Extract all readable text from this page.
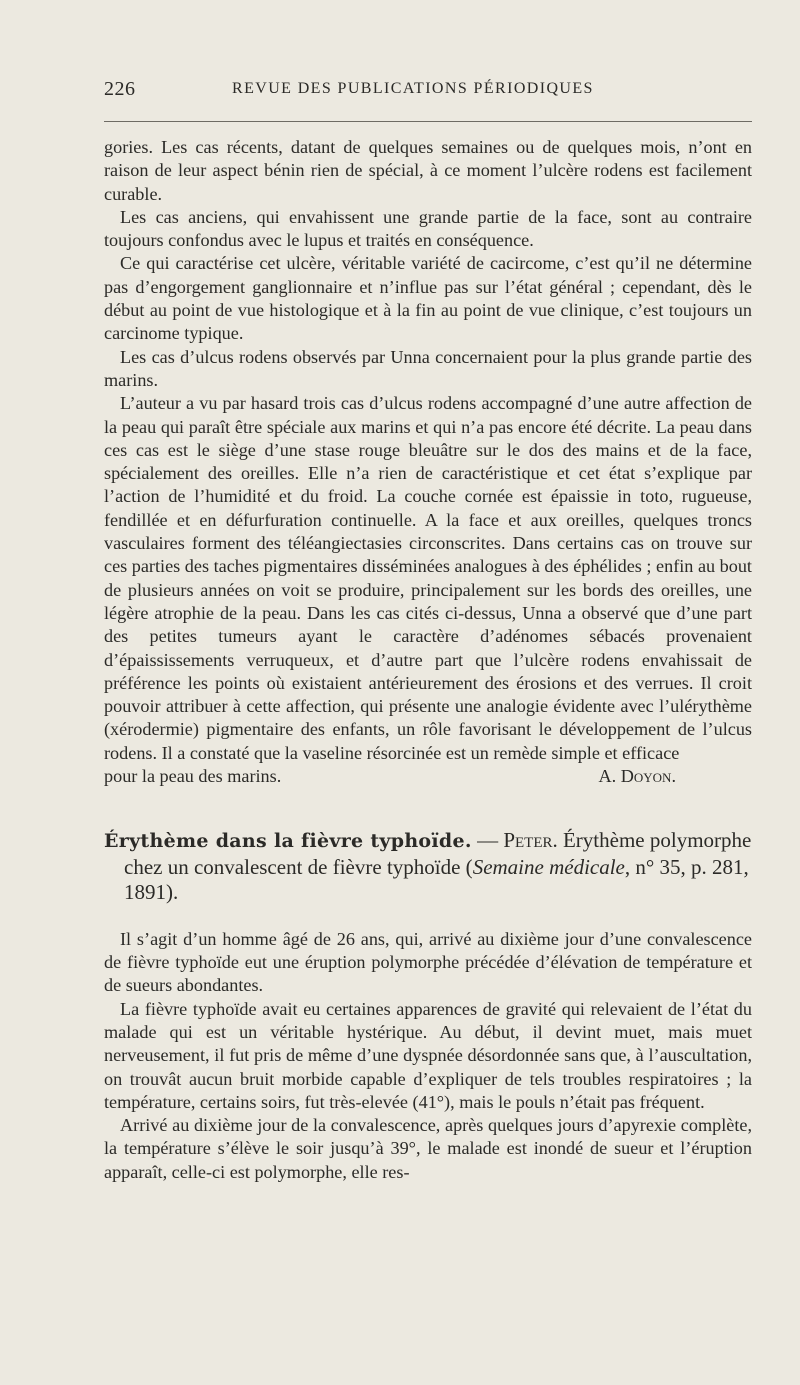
226	REVUE DES PUBLICATIONS PÉRIODIQUES

gories. Les cas récents, datant de quelques semaines ou de quelques mois, n’ont en raison de leur aspect bénin rien de spécial, à ce moment l’ulcère rodens est facilement curable.

Les cas anciens, qui envahissent une grande partie de la face, sont au contraire toujours confondus avec le lupus et traités en conséquence.

Ce qui caractérise cet ulcère, véritable variété de cacircome, c’est qu’il ne détermine pas d’engorgement ganglionnaire et n’influe pas sur l’état général ; cependant, dès le début au point de vue histologique et à la fin au point de vue clinique, c’est toujours un carcinome typique.

Les cas d’ulcus rodens observés par Unna concernaient pour la plus grande partie des marins.

L’auteur a vu par hasard trois cas d’ulcus rodens accompagné d’une autre affection de la peau qui paraît être spéciale aux marins et qui n’a pas encore été décrite. La peau dans ces cas est le siège d’une stase rouge bleuâtre sur le dos des mains et de la face, spécialement des oreilles. Elle n’a rien de caractéristique et cet état s’explique par l’action de l’humidité et du froid. La couche cornée est épaissie in toto, rugueuse, fendillée et en défurfuration continuelle. A la face et aux oreilles, quelques troncs vasculaires forment des téléangiectasies circonscrites. Dans certains cas on trouve sur ces parties des taches pigmentaires disséminées analogues à des éphélides ; enfin au bout de plusieurs années on voit se produire, principalement sur les bords des oreilles, une légère atrophie de la peau. Dans les cas cités ci-dessus, Unna a observé que d’une part des petites tumeurs ayant le caractère d’adénomes sébacés provenaient d’épaississements verruqueux, et d’autre part que l’ulcère rodens envahissait de préférence les points où existaient antérieurement des érosions et des verrues. Il croit pouvoir attribuer à cette affection, qui présente une analogie évidente avec l’ulérythème (xérodermie) pigmentaire des enfants, un rôle favorisant le développement de l’ulcus rodens. Il a constaté que la vaseline résorcinée est un remède simple et efficace

pour la peau des marins.	A. Doyon.

Érythème dans la fièvre typhoïde. — Peter. Érythème polymorphe chez un convalescent de fièvre typhoïde (Semaine médicale, n° 35, p. 281, 1891).

Il s’agit d’un homme âgé de 26 ans, qui, arrivé au dixième jour d’une convalescence de fièvre typhoïde eut une éruption polymorphe précédée d’élévation de température et de sueurs abondantes.

La fièvre typhoïde avait eu certaines apparences de gravité qui relevaient de l’état du malade qui est un véritable hystérique. Au début, il devint muet, mais muet nerveusement, il fut pris de même d’une dyspnée désordonnée sans que, à l’auscultation, on trouvât aucun bruit morbide capable d’expliquer de tels troubles respiratoires ; la température, certains soirs, fut très-elevée (41°), mais le pouls n’était pas fréquent.

Arrivé au dixième jour de la convalescence, après quelques jours d’apyrexie complète, la température s’élève le soir jusqu’à 39°, le malade est inondé de sueur et l’éruption apparaît, celle-ci est polymorphe, elle res-
